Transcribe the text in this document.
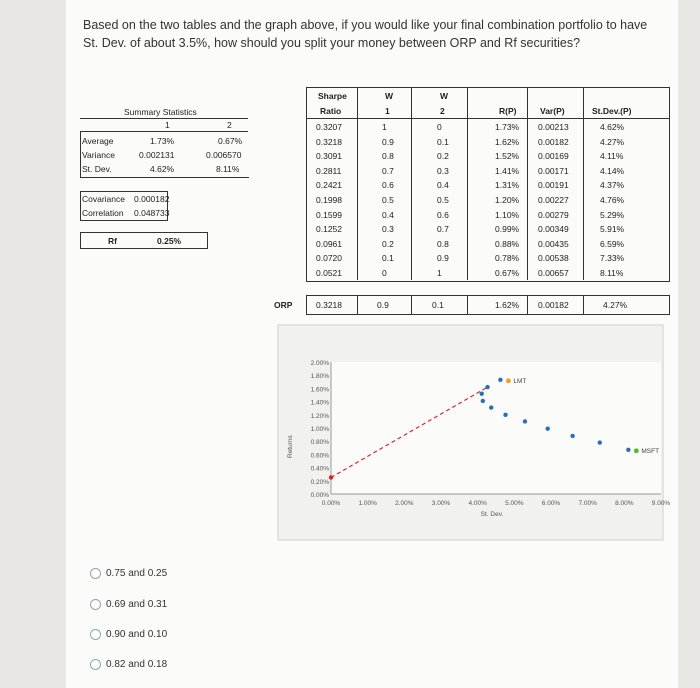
Based on the two tables and the graph above, if you would like your final combination portfolio to have St. Dev. of about 3.5%, how should you split your money between ORP and Rf securities?
Summary Statistics
1	2
Average	1.73%	0.67%
Variance	0.002131	0.006570
St. Dev.	4.62%	8.11%
Covariance 0.000182
Correlation 0.048733
Rf	0.25%
Sharpe
Ratio
W
1
W
2	R(P)	Var(P)	St.Dev.(P)
0.3207	1	0	1.73% 0.00213	4.62%
0.3218	0.9	0.1	1.62% 0.00182	4.27%
0.3091	0.8	0.2	1.52% 0.00169	4.11%
0.2811	0.7	0.3	1.41% 0.00171	4.14%
0.2421	0.6	0.4	1.31% 0.00191	4.37%
0.1998	0.5	0.5	1.20% 0.00227	4.76%
0.1599	0.4	0.6	1.10% 0.00279	5.29%
0.1252	0.3	0.7	0.99% 0.00349	5.91%
0.0961	0.2	0.8	0.88% 0.00435	6.59%
0.0720	0.1	0.9	0.78% 0.00538	7.33%
0.0521	0	1	0.67% 0.00657	8.11%
ORP	0.3218	0.9	0.1	1.62% 0.00182	4.27%
0.00%
0.20%
0.40%
0.60%
0.80%
1.00%
1.20%
1.40%
1.60%
1.80%
2.00%
0.00%	1.00%	2.00%	3.00%	4.00%	5.00%	6.00%	7.00%	8.00%	9.00%
St. Dev.
Returns
LMT
MSFT
0.75 and 0.25
0.69 and 0.31
0.90 and 0.10
0.82 and 0.18
